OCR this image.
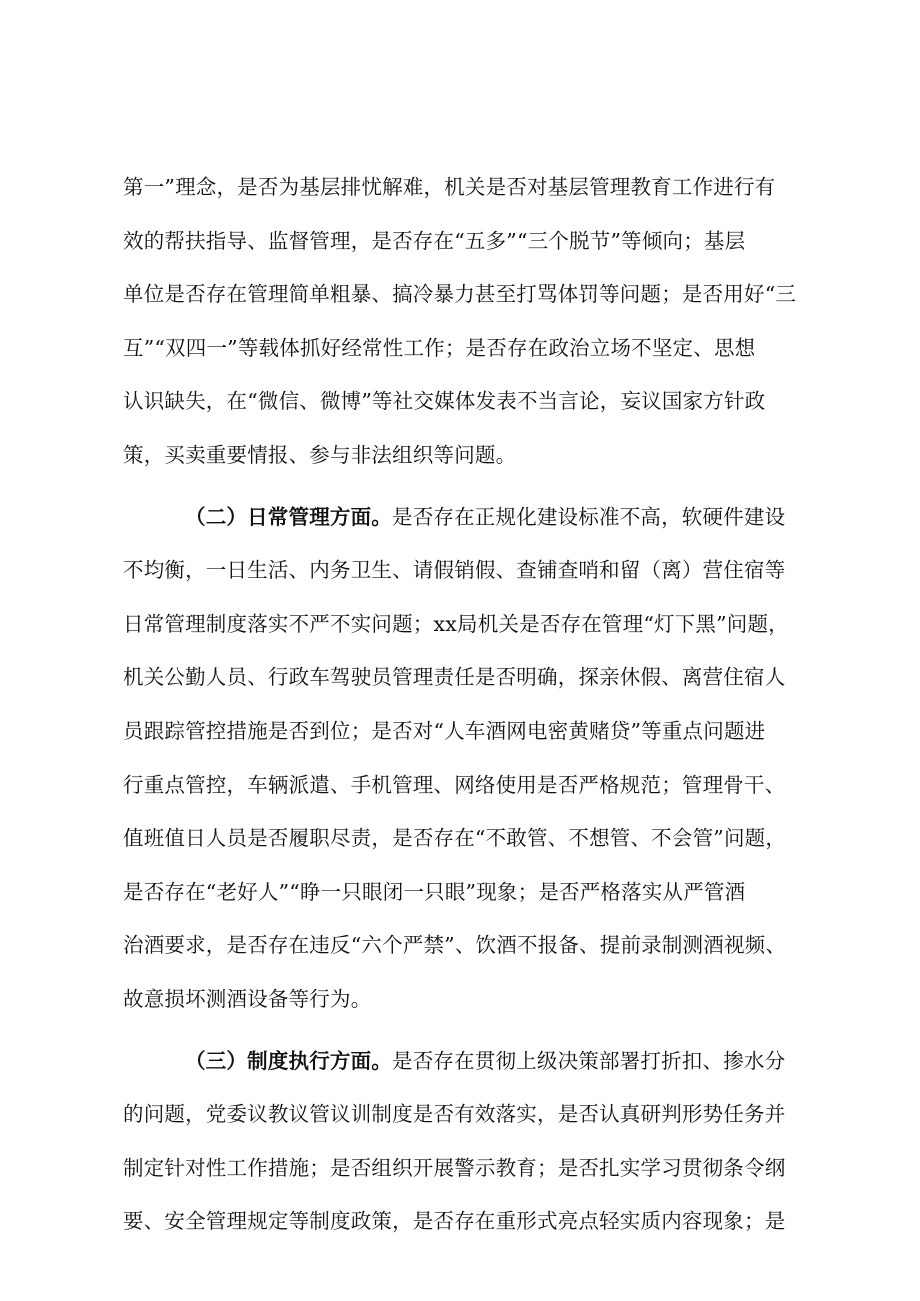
第一”理念，是否为基层排忧解难，机关是否对基层管理教育工作进行有
效的帮扶指导、监督管理，是否存在“五多”“三个脱节”等倾向；基层
单位是否存在管理简单粗暴、搞冷暴力甚至打骂体罚等问题；是否用好“三
互”“双四一”等载体抓好经常性工作；是否存在政治立场不坚定、思想
认识缺失，在“微信、微博”等社交媒体发表不当言论，妄议国家方针政
策，买卖重要情报、参与非法组织等问题。
（二）日常管理方面。是否存在正规化建设标准不高，软硬件建设
不均衡，一日生活、内务卫生、请假销假、查铺查哨和留（离）营住宿等
日常管理制度落实不严不实问题；xx局机关是否存在管理“灯下黑”问题，
机关公勤人员、行政车驾驶员管理责任是否明确，探亲休假、离营住宿人
员跟踪管控措施是否到位；是否对“人车酒网电密黄赌贷”等重点问题进
行重点管控，车辆派遣、手机管理、网络使用是否严格规范；管理骨干、
值班值日人员是否履职尽责，是否存在“不敢管、不想管、不会管”问题，
是否存在“老好人”“睁一只眼闭一只眼”现象；是否严格落实从严管酒
治酒要求，是否存在违反“六个严禁”、饮酒不报备、提前录制测酒视频、
故意损坏测酒设备等行为。
（三）制度执行方面。是否存在贯彻上级决策部署打折扣、掺水分
的问题，党委议教议管议训制度是否有效落实，是否认真研判形势任务并
制定针对性工作措施；是否组织开展警示教育；是否扎实学习贯彻条令纲
要、安全管理规定等制度政策，是否存在重形式亮点轻实质内容现象；是
